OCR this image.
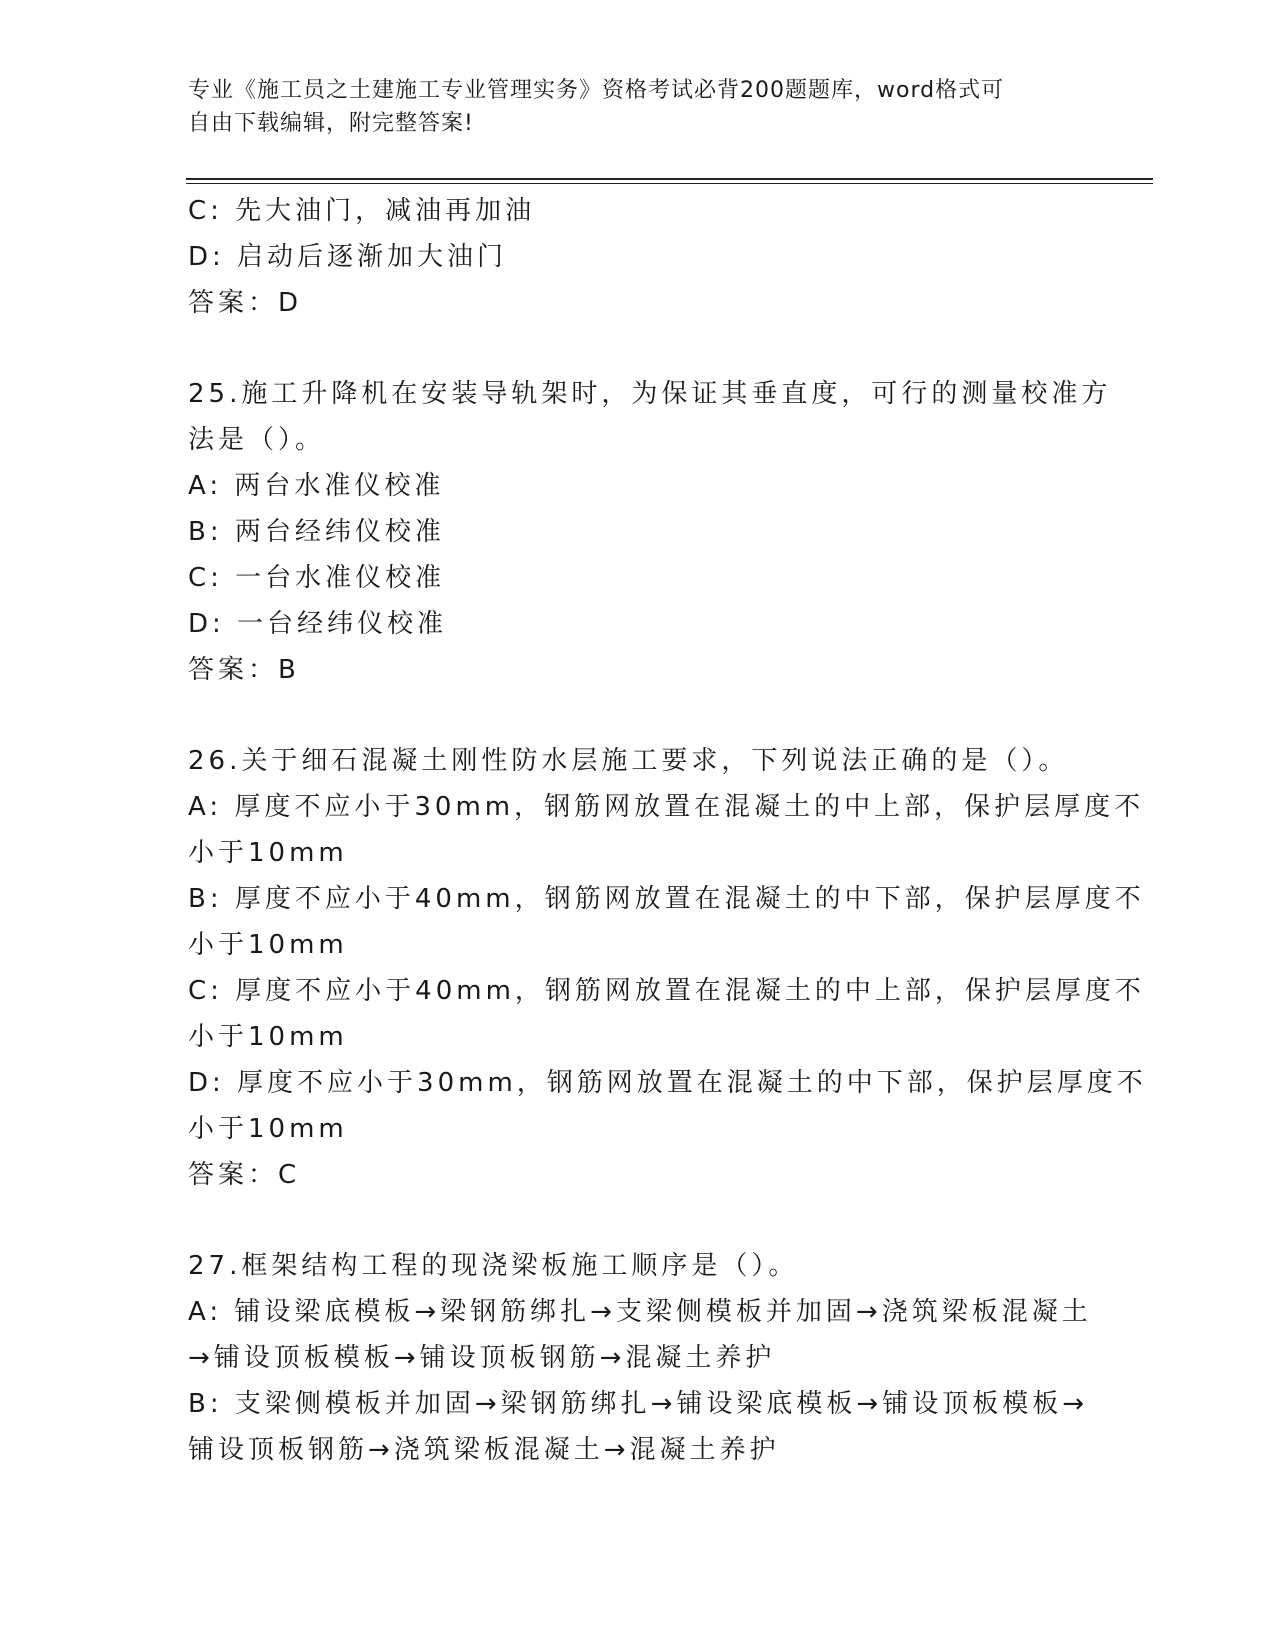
专业《施工员之土建施工专业管理实务》资格考试必背200题题库，word格式可
自由下载编辑，附完整答案!
C: 先大油门，减油再加油
D: 启动后逐渐加大油门
答案：D
25.施工升降机在安装导轨架时，为保证其垂直度，可行的测量校准方
法是（）。
A: 两台水准仪校准
B: 两台经纬仪校准
C: 一台水准仪校准
D: 一台经纬仪校准
答案：B
26.关于细石混凝土刚性防水层施工要求，下列说法正确的是（）。
A: 厚度不应小于30mm，钢筋网放置在混凝土的中上部，保护层厚度不
小于10mm
B: 厚度不应小于40mm，钢筋网放置在混凝土的中下部，保护层厚度不
小于10mm
C: 厚度不应小于40mm，钢筋网放置在混凝土的中上部，保护层厚度不
小于10mm
D: 厚度不应小于30mm，钢筋网放置在混凝土的中下部，保护层厚度不
小于10mm
答案：C
27.框架结构工程的现浇梁板施工顺序是（）。
A: 铺设梁底模板→梁钢筋绑扎→支梁侧模板并加固→浇筑梁板混凝土
→铺设顶板模板→铺设顶板钢筋→混凝土养护
B: 支梁侧模板并加固→梁钢筋绑扎→铺设梁底模板→铺设顶板模板→
铺设顶板钢筋→浇筑梁板混凝土→混凝土养护
